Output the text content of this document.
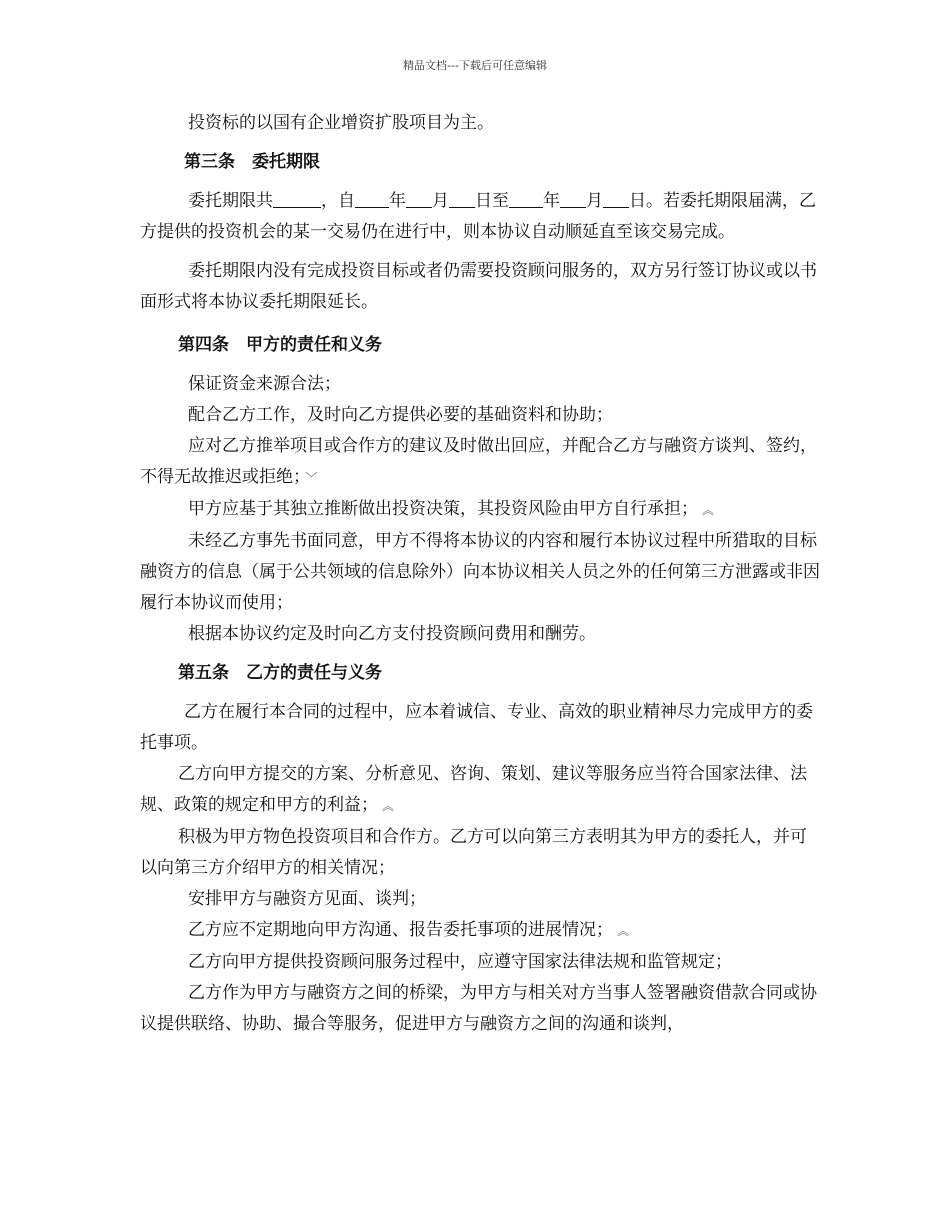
精品文档---下载后可任意编辑

投资标的以国有企业增资扩股项目为主。

第三条　委托期限

委托期限共	，自 年 月 日至 年 月 日。若委托期限届满，乙方提供的投资机会的某一交易仍在进行中，则本协议自动顺延直至该交易完成。

委托期限内没有完成投资目标或者仍需要投资顾问服务的，双方另行签订协议或以书面形式将本协议委托期限延长。

第四条　甲方的责任和义务

保证资金来源合法；

配合乙方工作，及时向乙方提供必要的基础资料和协助；

应对乙方推举项目或合作方的建议及时做出回应，并配合乙方与融资方谈判、签约，不得无故推迟或拒绝； ﹀

甲方应基于其独立推断做出投资决策，其投资风险由甲方自行承担； ︽

未经乙方事先书面同意，甲方不得将本协议的内容和履行本协议过程中所猎取的目标融资方的信息（属于公共领域的信息除外）向本协议相关人员之外的任何第三方泄露或非因履行本协议而使用；

根据本协议约定及时向乙方支付投资顾问费用和酬劳。

第五条　乙方的责任与义务

乙方在履行本合同的过程中，应本着诚信、专业、高效的职业精神尽力完成甲方的委托事项。

乙方向甲方提交的方案、分析意见、咨询、策划、建议等服务应当符合国家法律、法规、政策的规定和甲方的利益； ︽

积极为甲方物色投资项目和合作方。乙方可以向第三方表明其为甲方的委托人，并可以向第三方介绍甲方的相关情况；

安排甲方与融资方见面、谈判；

乙方应不定期地向甲方沟通、报告委托事项的进展情况； ︽

乙方向甲方提供投资顾问服务过程中，应遵守国家法律法规和监管规定；

乙方作为甲方与融资方之间的桥梁，为甲方与相关对方当事人签署融资借款合同或协议提供联络、协助、撮合等服务，促进甲方与融资方之间的沟通和谈判，
